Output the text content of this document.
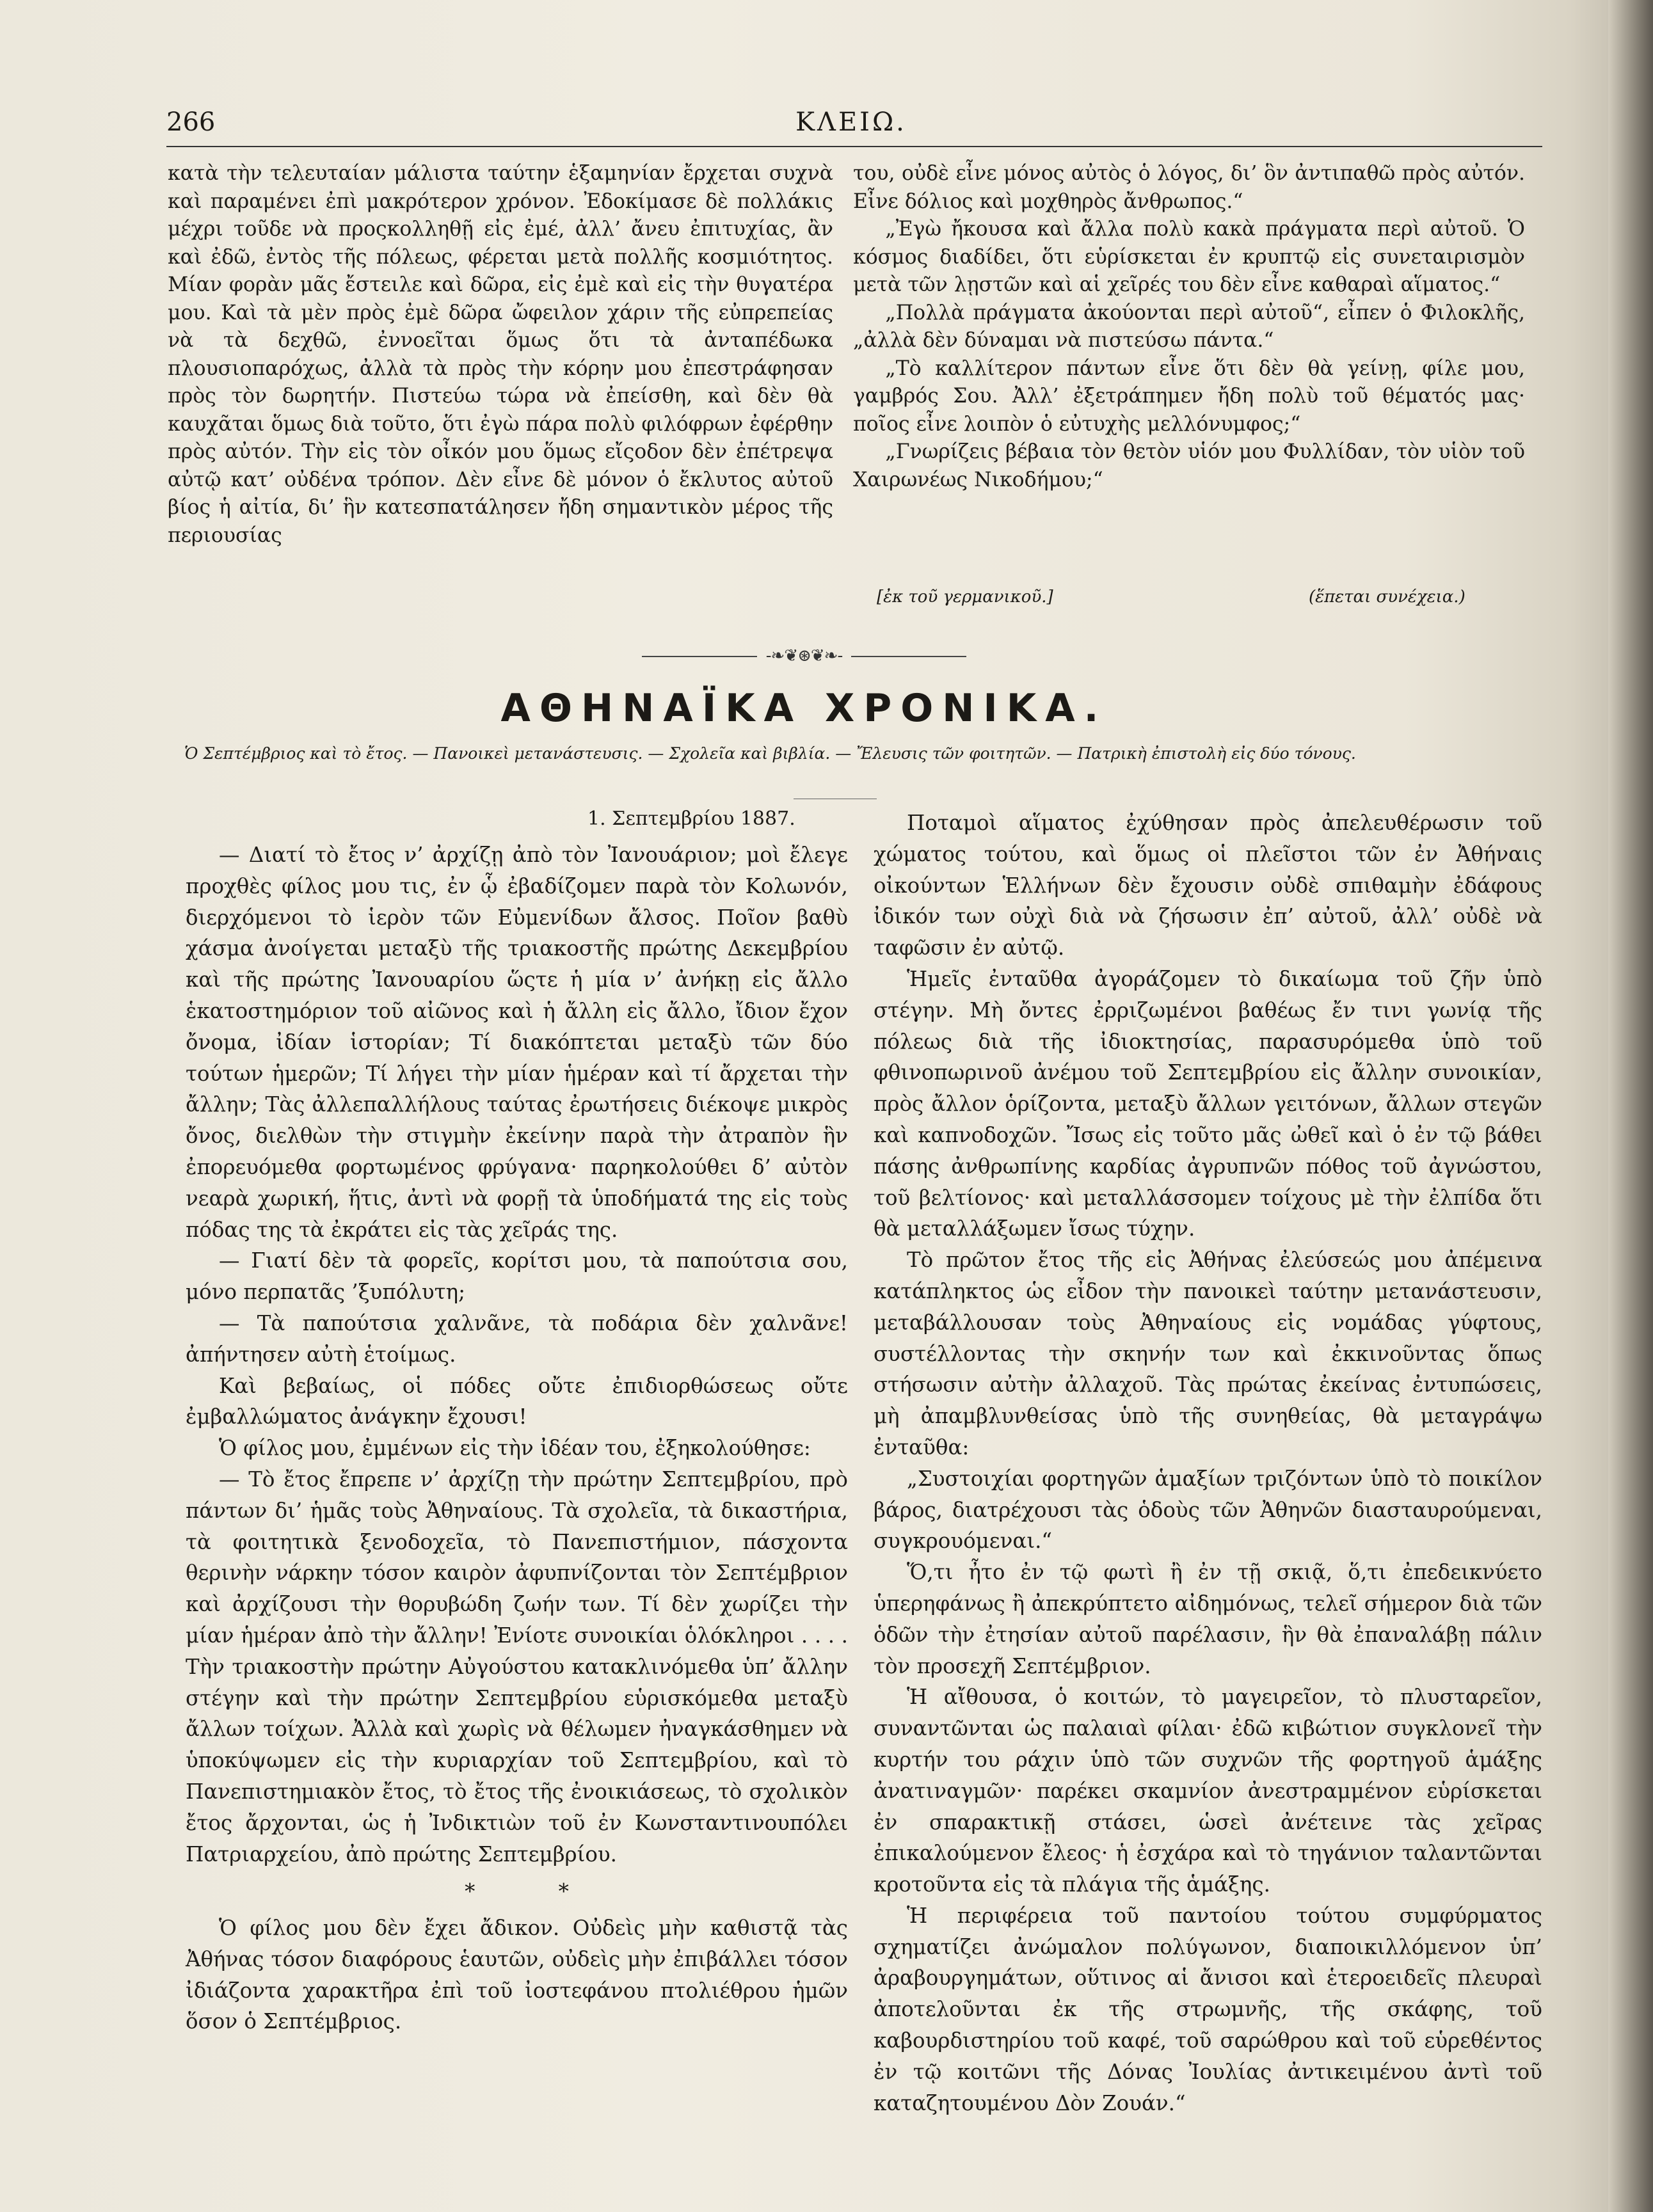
266	ΚΛΕΙΩ.

κατὰ τὴν τελευταίαν μάλιστα ταύτην ἑξαμηνίαν ἔρχεται συχνὰ καὶ παραμένει ἐπὶ μακρότερον χρόνον. Ἐδοκίμασε δὲ πολλάκις μέχρι τοῦδε νὰ προςκολληθῇ εἰς ἐμέ, ἀλλ’ ἄνευ ἐπιτυχίας, ἂν καὶ ἐδῶ, ἐντὸς τῆς πόλεως, φέρεται μετὰ πολλῆς κοσμιότητος. Μίαν φορὰν μᾶς ἔστειλε καὶ δῶρα, εἰς ἐμὲ καὶ εἰς τὴν θυγατέρα μου. Καὶ τὰ μὲν πρὸς ἐμὲ δῶρα ὤφειλον χάριν τῆς εὐπρεπείας νὰ τὰ δεχθῶ, ἐννοεῖται ὅμως ὅτι τὰ ἀνταπέδωκα πλουσιοπαρόχως, ἀλλὰ τὰ πρὸς τὴν κόρην μου ἐπεστράφησαν πρὸς τὸν δωρητήν. Πιστεύω τώρα νὰ ἐπείσθη, καὶ δὲν θὰ καυχᾶται ὅμως διὰ τοῦτο, ὅτι ἐγὼ πάρα πολὺ φιλόφρων ἐφέρθην πρὸς αὐτόν. Τὴν εἰς τὸν οἶκόν μου ὅμως εἴςοδον δὲν ἐπέτρεψα αὐτῷ κατ’ οὐδένα τρόπον. Δὲν εἶνε δὲ μόνον ὁ ἔκλυτος αὐτοῦ βίος ἡ αἰτία, δι’ ἣν κατεσπατάλησεν ἤδη σημαντικὸν μέρος τῆς περιουσίας

του, οὐδὲ εἶνε μόνος αὐτὸς ὁ λόγος, δι’ ὃν ἀντιπαθῶ πρὸς αὐτόν. Εἶνε δόλιος καὶ μοχθηρὸς ἄνθρωπος.“

„Ἐγὼ ἤκουσα καὶ ἄλλα πολὺ κακὰ πράγματα περὶ αὐτοῦ. Ὁ κόσμος διαδίδει, ὅτι εὑρίσκεται ἐν κρυπτῷ εἰς συνεταιρισμὸν μετὰ τῶν λῃστῶν καὶ αἱ χεῖρές του δὲν εἶνε καθαραὶ αἵματος.“

„Πολλὰ πράγματα ἀκούονται περὶ αὐτοῦ“, εἶπεν ὁ Φιλοκλῆς, „ἀλλὰ δὲν δύναμαι νὰ πιστεύσω πάντα.“

„Τὸ καλλίτερον πάντων εἶνε ὅτι δὲν θὰ γείνῃ, φίλε μου, γαμβρός Σου. Ἀλλ’ ἐξετράπημεν ἤδη πολὺ τοῦ θέματός μας· ποῖος εἶνε λοιπὸν ὁ εὐτυχὴς μελλόνυμφος;“

„Γνωρίζεις βέβαια τὸν θετὸν υἱόν μου Φυλλίδαν, τὸν υἱὸν τοῦ Χαιρωνέως Νικοδήμου;“

[ἐκ τοῦ γερμανικοῦ.]	(ἕπεται συνέχεια.)
-❧❦⊛❦❧-
ΑΘΗΝΑΪΚΑ ΧΡΟΝΙΚΑ.
Ὁ Σεπτέμβριος καὶ τὸ ἔτος. — Πανοικεὶ μετανάστευσις. — Σχολεῖα καὶ βιβλία. — Ἔλευσις τῶν φοιτητῶν. — Πατρικὴ ἐπιστολὴ εἰς δύο τόνους.
1. Σεπτεμβρίου 1887.

— Διατί τὸ ἔτος ν’ ἀρχίζῃ ἀπὸ τὸν Ἰανουάριον; μοὶ ἔλεγε προχθὲς φίλος μου τις, ἐν ᾧ ἐβαδίζομεν παρὰ τὸν Κολωνόν, διερχόμενοι τὸ ἱερὸν τῶν Εὐμενίδων ἄλσος. Ποῖον βαθὺ χάσμα ἀνοίγεται μεταξὺ τῆς τριακοστῆς πρώτης Δεκεμβρίου καὶ τῆς πρώτης Ἰανουαρίου ὥςτε ἡ μία ν’ ἀνήκῃ εἰς ἄλλο ἑκατοστημόριον τοῦ αἰῶνος καὶ ἡ ἄλλη εἰς ἄλλο, ἴδιον ἔχον ὄνομα, ἰδίαν ἱστορίαν; Τί διακόπτεται μεταξὺ τῶν δύο τούτων ἡμερῶν; Τί λήγει τὴν μίαν ἡμέραν καὶ τί ἄρχεται τὴν ἄλλην; Τὰς ἀλλεπαλλήλους ταύτας ἐρωτήσεις διέκοψε μικρὸς ὄνος, διελθὼν τὴν στιγμὴν ἐκείνην παρὰ τὴν ἀτραπὸν ἣν ἐπορευόμεθα φορτωμένος φρύγανα· παρηκολούθει δ’ αὐτὸν νεαρὰ χωρική, ἥτις, ἀντὶ νὰ φορῇ τὰ ὑποδήματά της εἰς τοὺς πόδας της τὰ ἐκράτει εἰς τὰς χεῖράς της.

— Γιατί δὲν τὰ φορεῖς, κορίτσι μου, τὰ παπούτσια σου, μόνο περπατᾶς ’ξυπόλυτη;

— Τὰ παπούτσια χαλνᾶνε, τὰ ποδάρια δὲν χαλνᾶνε! ἀπήντησεν αὐτὴ ἑτοίμως.

Καὶ βεβαίως, οἱ πόδες οὔτε ἐπιδιορθώσεως οὔτε ἐμβαλλώματος ἀνάγκην ἔχουσι!

Ὁ φίλος μου, ἐμμένων εἰς τὴν ἰδέαν του, ἐξηκολούθησε:

— Τὸ ἔτος ἔπρεπε ν’ ἀρχίζῃ τὴν πρώτην Σεπτεμβρίου, πρὸ πάντων δι’ ἡμᾶς τοὺς Ἀθηναίους. Τὰ σχολεῖα, τὰ δικαστήρια, τὰ φοιτητικὰ ξενοδοχεῖα, τὸ Πανεπιστήμιον, πάσχοντα θερινὴν νάρκην τόσον καιρὸν ἀφυπνίζονται τὸν Σεπτέμβριον καὶ ἀρχίζουσι τὴν θορυβώδη ζωήν των. Τί δὲν χωρίζει τὴν μίαν ἡμέραν ἀπὸ τὴν ἄλλην! Ἐνίοτε συνοικίαι ὁλόκληροι . . . . Τὴν τριακοστὴν πρώτην Αὐγούστου κατακλινόμεθα ὑπ’ ἄλλην στέγην καὶ τὴν πρώτην Σεπτεμβρίου εὑρισκόμεθα μεταξὺ ἄλλων τοίχων. Ἀλλὰ καὶ χωρὶς νὰ θέλωμεν ἠναγκάσθημεν νὰ ὑποκύψωμεν εἰς τὴν κυριαρχίαν τοῦ Σεπτεμβρίου, καὶ τὸ Πανεπιστημιακὸν ἔτος, τὸ ἔτος τῆς ἐνοικιάσεως, τὸ σχολικὸν ἔτος ἄρχονται, ὡς ἡ Ἰνδικτιὼν τοῦ ἐν Κωνσταντινουπόλει Πατριαρχείου, ἀπὸ πρώτης Σεπτεμβρίου.

*	*

Ὁ φίλος μου δὲν ἔχει ἄδικον. Οὐδεὶς μὴν καθιστᾷ τὰς Ἀθήνας τόσον διαφόρους ἑαυτῶν, οὐδεὶς μὴν ἐπιβάλλει τόσον ἰδιάζοντα χαρακτῆρα ἐπὶ τοῦ ἰοστεφάνου πτολιέθρου ἡμῶν ὅσον ὁ Σεπτέμβριος.

Ποταμοὶ αἵματος ἐχύθησαν πρὸς ἀπελευθέρωσιν τοῦ χώματος τούτου, καὶ ὅμως οἱ πλεῖστοι τῶν ἐν Ἀθήναις οἰκούντων Ἑλλήνων δὲν ἔχουσιν οὐδὲ σπιθαμὴν ἐδάφους ἰδικόν των οὐχὶ διὰ νὰ ζήσωσιν ἐπ’ αὐτοῦ, ἀλλ’ οὐδὲ νὰ ταφῶσιν ἐν αὐτῷ.

Ἡμεῖς ἐνταῦθα ἀγοράζομεν τὸ δικαίωμα τοῦ ζῆν ὑπὸ στέγην. Μὴ ὄντες ἐρριζωμένοι βαθέως ἔν τινι γωνίᾳ τῆς πόλεως διὰ τῆς ἰδιοκτησίας, παρασυρόμεθα ὑπὸ τοῦ φθινοπωρινοῦ ἀνέμου τοῦ Σεπτεμβρίου εἰς ἄλλην συνοικίαν, πρὸς ἄλλον ὁρίζοντα, μεταξὺ ἄλλων γειτόνων, ἄλλων στεγῶν καὶ καπνοδοχῶν. Ἴσως εἰς τοῦτο μᾶς ὠθεῖ καὶ ὁ ἐν τῷ βάθει πάσης ἀνθρωπίνης καρδίας ἀγρυπνῶν πόθος τοῦ ἀγνώστου, τοῦ βελτίονος· καὶ μεταλλάσσομεν τοίχους μὲ τὴν ἐλπίδα ὅτι θὰ μεταλλάξωμεν ἴσως τύχην.

Τὸ πρῶτον ἔτος τῆς εἰς Ἀθήνας ἐλεύσεώς μου ἀπέμεινα κατάπληκτος ὡς εἶδον τὴν πανοικεὶ ταύτην μετανάστευσιν, μεταβάλλουσαν τοὺς Ἀθηναίους εἰς νομάδας γύφτους, συστέλλοντας τὴν σκηνήν των καὶ ἐκκινοῦντας ὅπως στήσωσιν αὐτὴν ἀλλαχοῦ. Τὰς πρώτας ἐκείνας ἐντυπώσεις, μὴ ἀπαμβλυνθείσας ὑπὸ τῆς συνηθείας, θὰ μεταγράψω ἐνταῦθα:

„Συστοιχίαι φορτηγῶν ἁμαξίων τριζόντων ὑπὸ τὸ ποικίλον βάρος, διατρέχουσι τὰς ὁδοὺς τῶν Ἀθηνῶν διασταυρούμεναι, συγκρουόμεναι.“

Ὅ,τι ἦτο ἐν τῷ φωτὶ ἢ ἐν τῇ σκιᾷ, ὅ,τι ἐπεδεικνύετο ὑπερηφάνως ἢ ἀπεκρύπτετο αἰδημόνως, τελεῖ σήμερον διὰ τῶν ὁδῶν τὴν ἐτησίαν αὐτοῦ παρέλασιν, ἣν θὰ ἐπαναλάβῃ πάλιν τὸν προσεχῆ Σεπτέμβριον.

Ἡ αἴθουσα, ὁ κοιτών, τὸ μαγειρεῖον, τὸ πλυσταρεῖον, συναντῶνται ὡς παλαιαὶ φίλαι· ἐδῶ κιβώτιον συγκλονεῖ τὴν κυρτήν του ράχιν ὑπὸ τῶν συχνῶν τῆς φορτηγοῦ ἁμάξης ἀνατιναγμῶν· παρέκει σκαμνίον ἀνεστραμμένον εὑρίσκεται ἐν σπαρακτικῇ στάσει, ὡσεὶ ἀνέτεινε τὰς χεῖρας ἐπικαλούμενον ἔλεος· ἡ ἐσχάρα καὶ τὸ τηγάνιον ταλαντῶνται κροτοῦντα εἰς τὰ πλάγια τῆς ἁμάξης.

Ἡ περιφέρεια τοῦ παντοίου τούτου συμφύρματος σχηματίζει ἀνώμαλον πολύγωνον, διαποικιλλόμενον ὑπ’ ἀραβουργημάτων, οὕτινος αἱ ἄνισοι καὶ ἑτεροειδεῖς πλευραὶ ἀποτελοῦνται ἐκ τῆς στρωμνῆς, τῆς σκάφης, τοῦ καβουρδιστηρίου τοῦ καφέ, τοῦ σαρώθρου καὶ τοῦ εὑρεθέντος ἐν τῷ κοιτῶνι τῆς Δόνας Ἰουλίας ἀντικειμένου ἀντὶ τοῦ καταζητουμένου Δὸν Ζουάν.“
